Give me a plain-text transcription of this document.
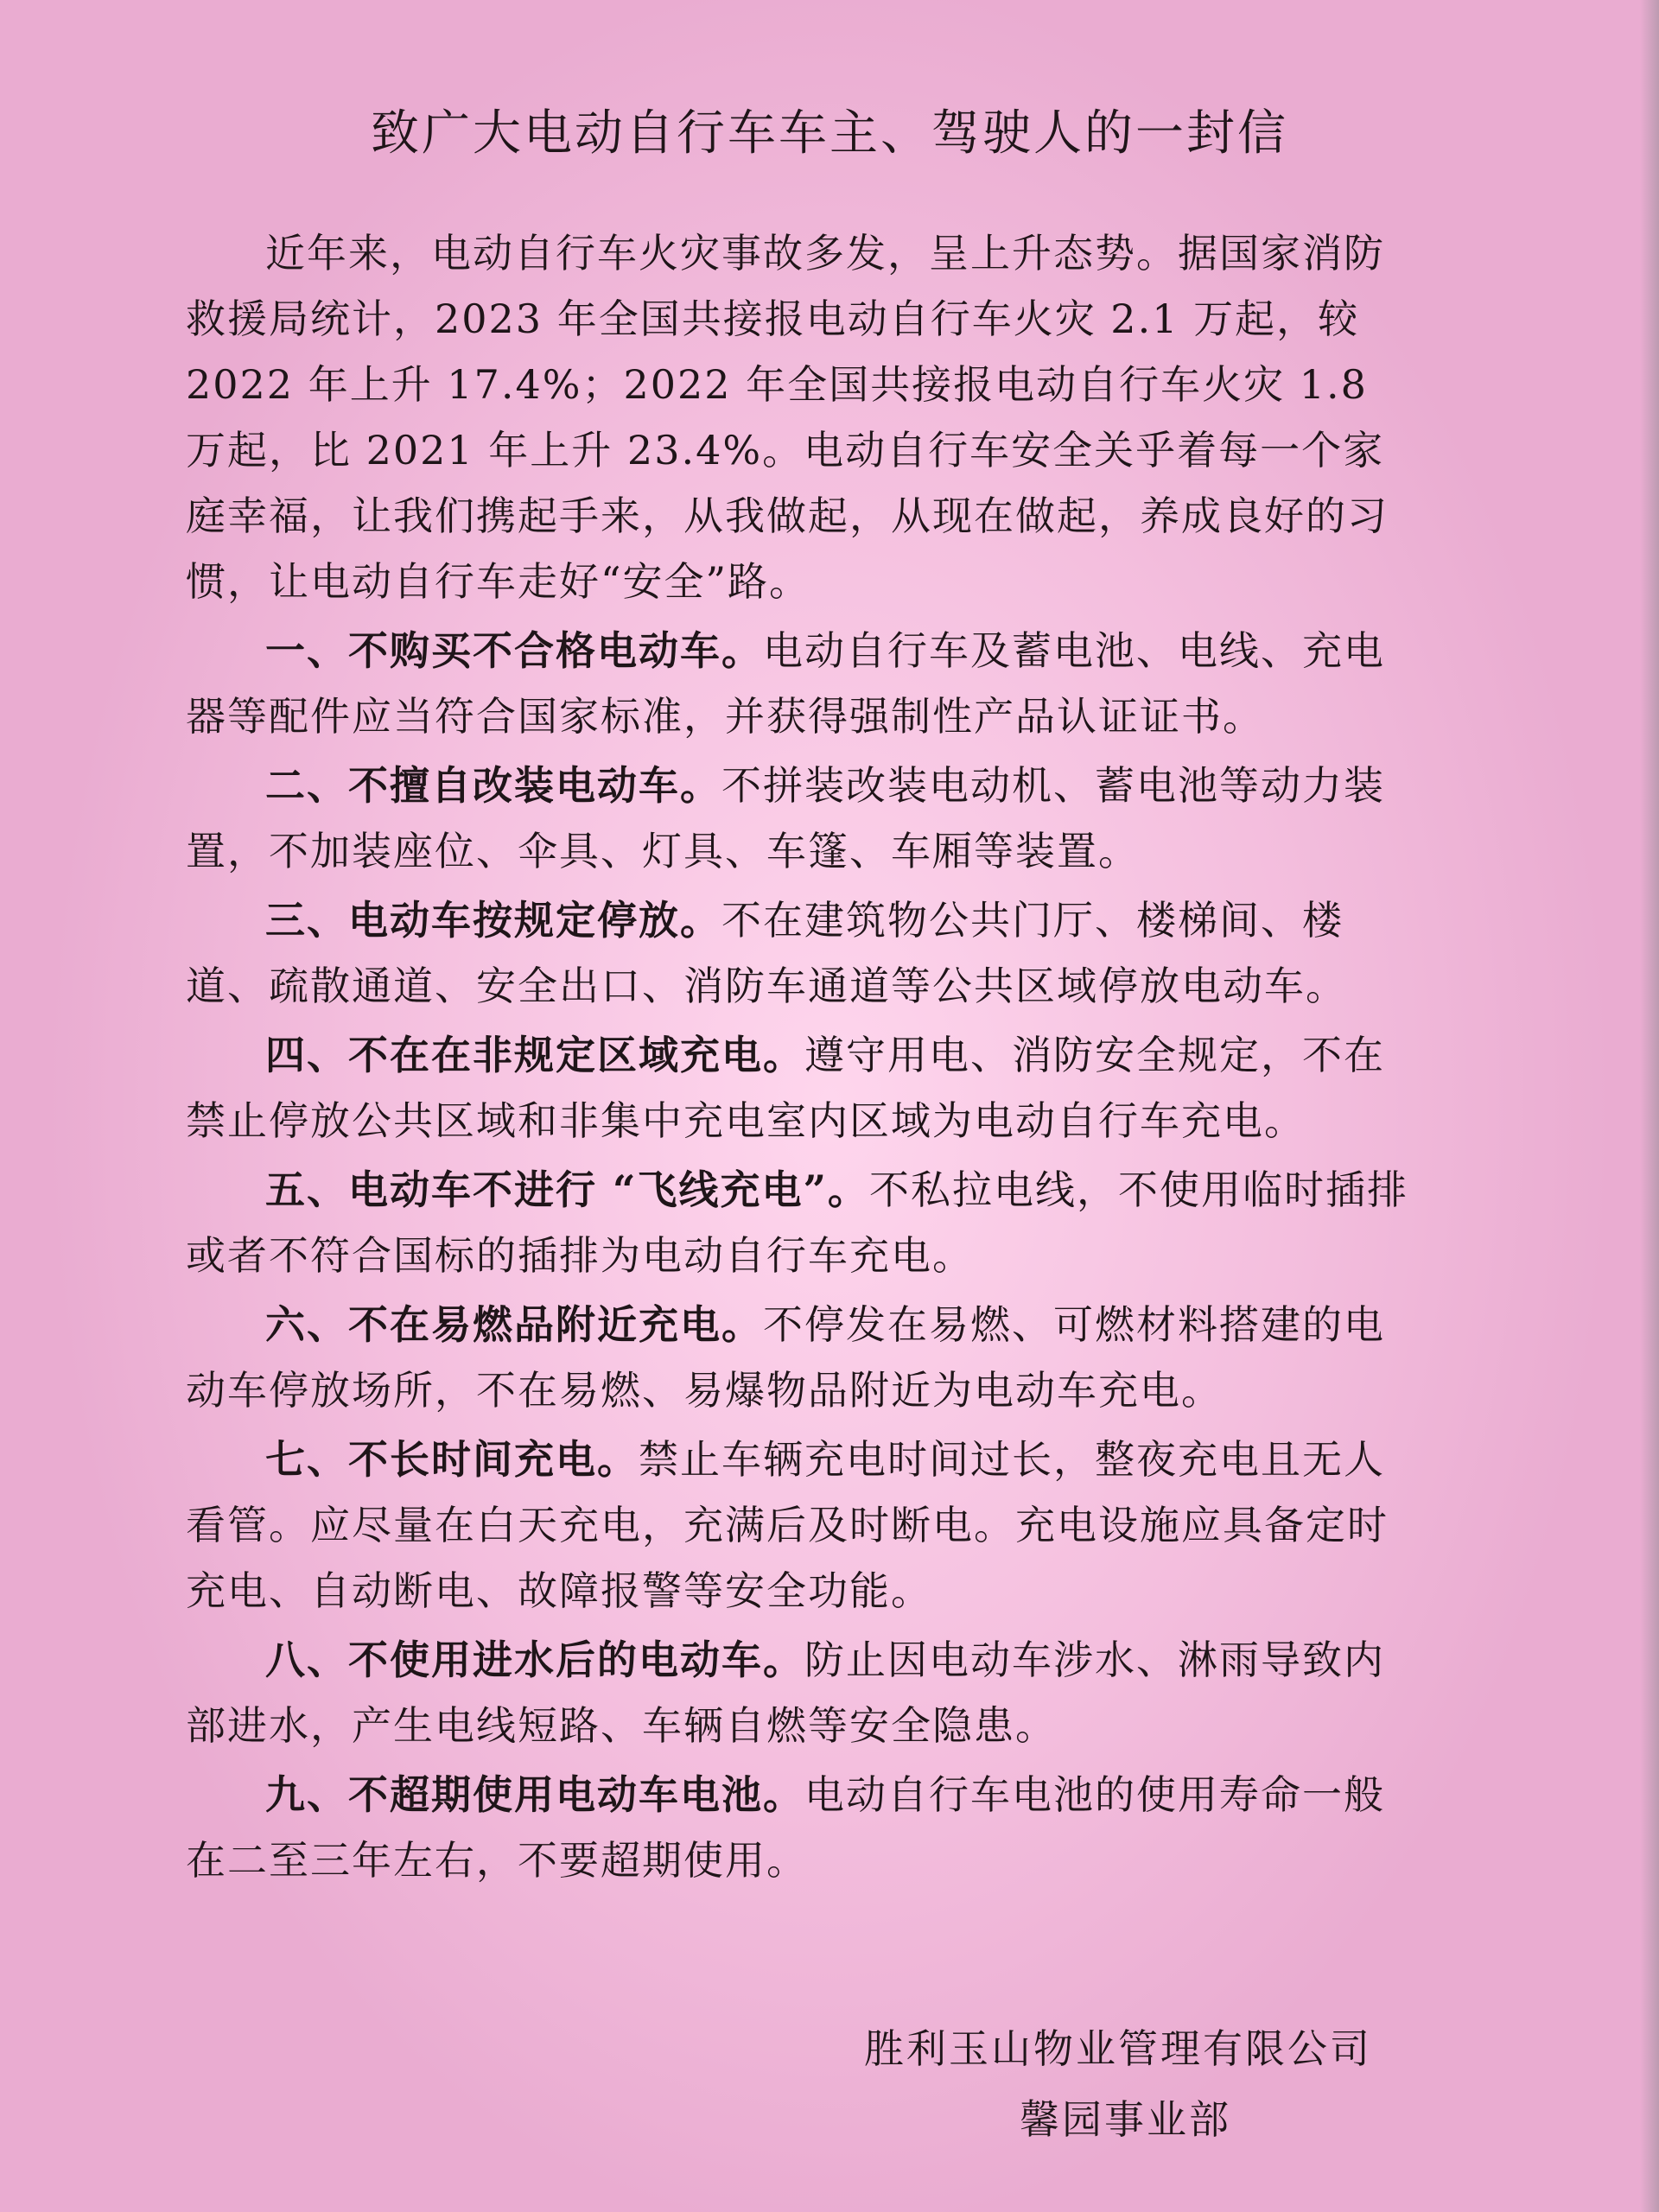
致广大电动自行车车主、驾驶人的一封信

近年来，电动自行车火灾事故多发，呈上升态势。据国家消防救援局统计，2023 年全国共接报电动自行车火灾 2.1 万起，较 2022 年上升 17.4%；2022 年全国共接报电动自行车火灾 1.8 万起，比 2021 年上升 23.4%。电动自行车安全关乎着每一个家庭幸福，让我们携起手来，从我做起，从现在做起，养成良好的习惯，让电动自行车走好“安全”路。

一、不购买不合格电动车。电动自行车及蓄电池、电线、充电器等配件应当符合国家标准，并获得强制性产品认证证书。

二、不擅自改装电动车。不拼装改装电动机、蓄电池等动力装置，不加装座位、伞具、灯具、车篷、车厢等装置。

三、电动车按规定停放。不在建筑物公共门厅、楼梯间、楼道、疏散通道、安全出口、消防车通道等公共区域停放电动车。

四、不在在非规定区域充电。遵守用电、消防安全规定，不在禁止停放公共区域和非集中充电室内区域为电动自行车充电。

五、电动车不进行 “飞线充电”。不私拉电线，不使用临时插排或者不符合国标的插排为电动自行车充电。

六、不在易燃品附近充电。不停发在易燃、可燃材料搭建的电动车停放场所，不在易燃、易爆物品附近为电动车充电。

七、不长时间充电。禁止车辆充电时间过长，整夜充电且无人看管。应尽量在白天充电，充满后及时断电。充电设施应具备定时充电、自动断电、故障报警等安全功能。

八、不使用进水后的电动车。防止因电动车涉水、淋雨导致内部进水，产生电线短路、车辆自燃等安全隐患。

九、不超期使用电动车电池。电动自行车电池的使用寿命一般在二至三年左右，不要超期使用。

胜利玉山物业管理有限公司
馨园事业部
